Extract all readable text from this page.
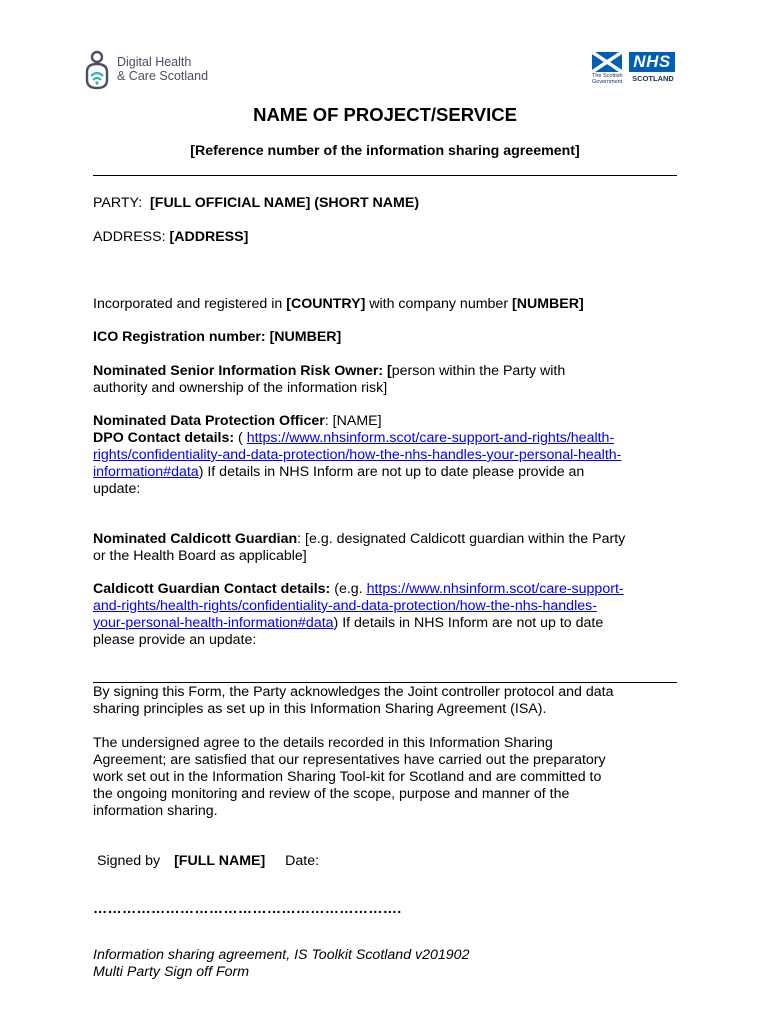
Digital Health
& Care Scotland	The Scottish
Government
NHS
SCOTLAND
NAME OF PROJECT/SERVICE
[Reference number of the information sharing agreement]
PARTY: [FULL OFFICIAL NAME] (SHORT NAME)
ADDRESS: [ADDRESS]
Incorporated and registered in [COUNTRY] with company number [NUMBER]
ICO Registration number: [NUMBER]
Nominated Senior Information Risk Owner: [person within the Party with
authority and ownership of the information risk]
Nominated Data Protection Officer: [NAME]
DPO Contact details: ( https://www.nhsinform.scot/care-support-and-rights/health-
rights/confidentiality-and-data-protection/how-the-nhs-handles-your-personal-health-
information#data) If details in NHS Inform are not up to date please provide an
update:
Nominated Caldicott Guardian: [e.g. designated Caldicott guardian within the Party
or the Health Board as applicable]
Caldicott Guardian Contact details: (e.g. https://www.nhsinform.scot/care-support-
and-rights/health-rights/confidentiality-and-data-protection/how-the-nhs-handles-
your-personal-health-information#data) If details in NHS Inform are not up to date
please provide an update:
By signing this Form, the Party acknowledges the Joint controller protocol and data
sharing principles as set up in this Information Sharing Agreement (ISA).
The undersigned agree to the details recorded in this Information Sharing
Agreement; are satisfied that our representatives have carried out the preparatory
work set out in the Information Sharing Tool-kit for Scotland and are committed to
the ongoing monitoring and review of the scope, purpose and manner of the
information sharing.
Signed by [FULL NAME] Date:
……………………………………………………….
Information sharing agreement, IS Toolkit Scotland v201902
Multi Party Sign off Form
